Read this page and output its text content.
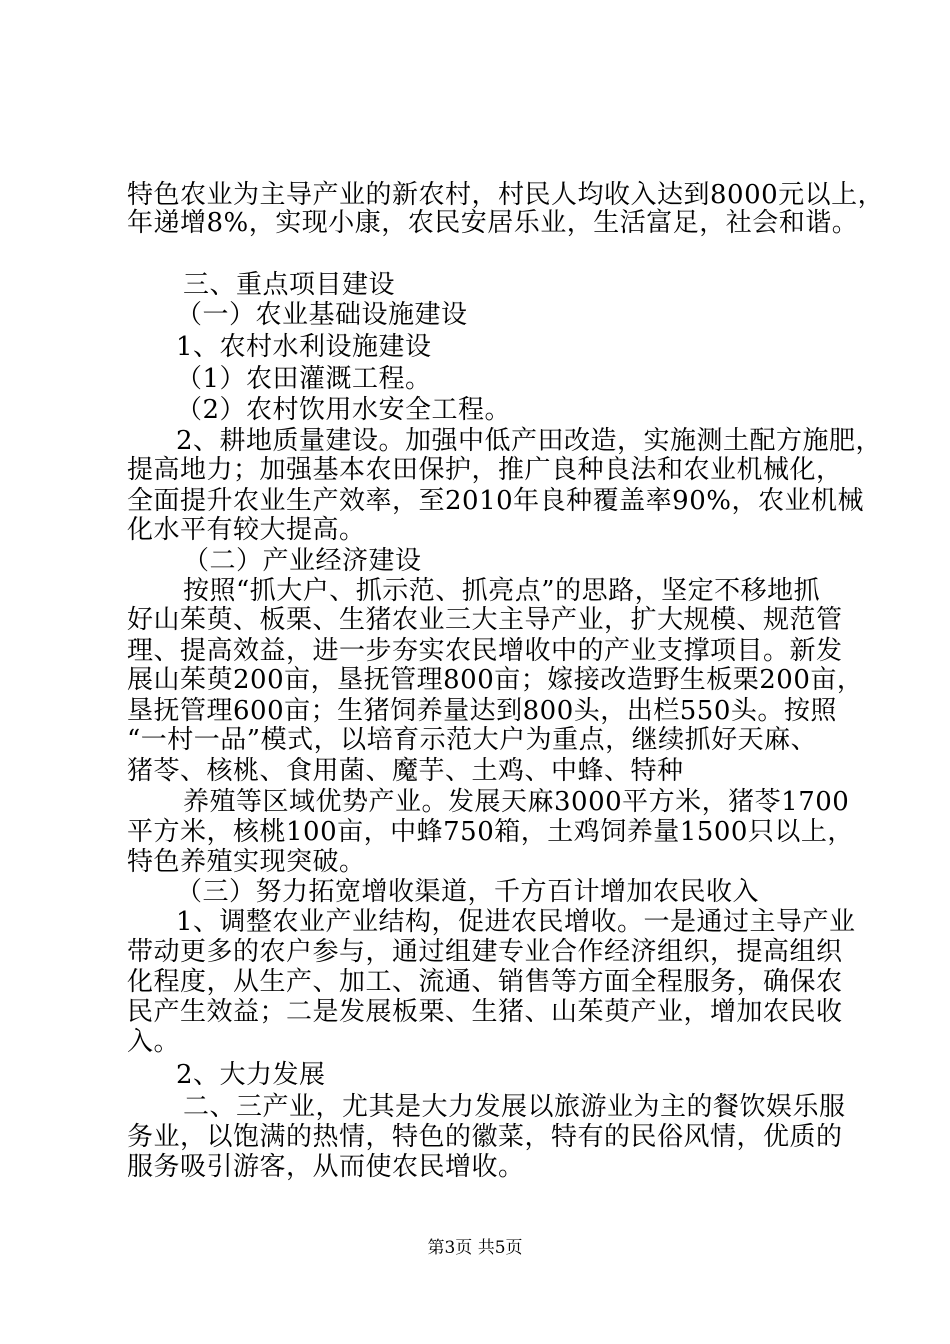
特色农业为主导产业的新农村，村民人均收入达到8000元以上，
年递增8%，实现小康，农民安居乐业，生活富足，社会和谐。
三、重点项目建设
（一）农业基础设施建设
1、农村水利设施建设
（1）农田灌溉工程。
（2）农村饮用水安全工程。
2、耕地质量建设。加强中低产田改造，实施测土配方施肥，
提高地力；加强基本农田保护，推广良种良法和农业机械化，
全面提升农业生产效率，至2010年良种覆盖率90%，农业机械
化水平有较大提高。
（二）产业经济建设
按照“抓大户、抓示范、抓亮点”的思路，坚定不移地抓
好山茱萸、板栗、生猪农业三大主导产业，扩大规模、规范管
理、提高效益，进一步夯实农民增收中的产业支撑项目。新发
展山茱萸200亩，垦抚管理800亩；嫁接改造野生板栗200亩，
垦抚管理600亩；生猪饲养量达到800头，出栏550头。按照
“一村一品”模式，以培育示范大户为重点，继续抓好天麻、
猪苓、核桃、食用菌、魔芋、土鸡、中蜂、特种
养殖等区域优势产业。发展天麻3000平方米，猪苓1700
平方米，核桃100亩，中蜂750箱，土鸡饲养量1500只以上，
特色养殖实现突破。
（三）努力拓宽增收渠道，千方百计增加农民收入
1、调整农业产业结构，促进农民增收。一是通过主导产业
带动更多的农户参与，通过组建专业合作经济组织，提高组织
化程度，从生产、加工、流通、销售等方面全程服务，确保农
民产生效益；二是发展板栗、生猪、山茱萸产业，增加农民收
入。
2、大力发展
二、三产业，尤其是大力发展以旅游业为主的餐饮娱乐服
务业，以饱满的热情，特色的徽菜，特有的民俗风情，优质的
服务吸引游客，从而使农民增收。
第3页 共5页
